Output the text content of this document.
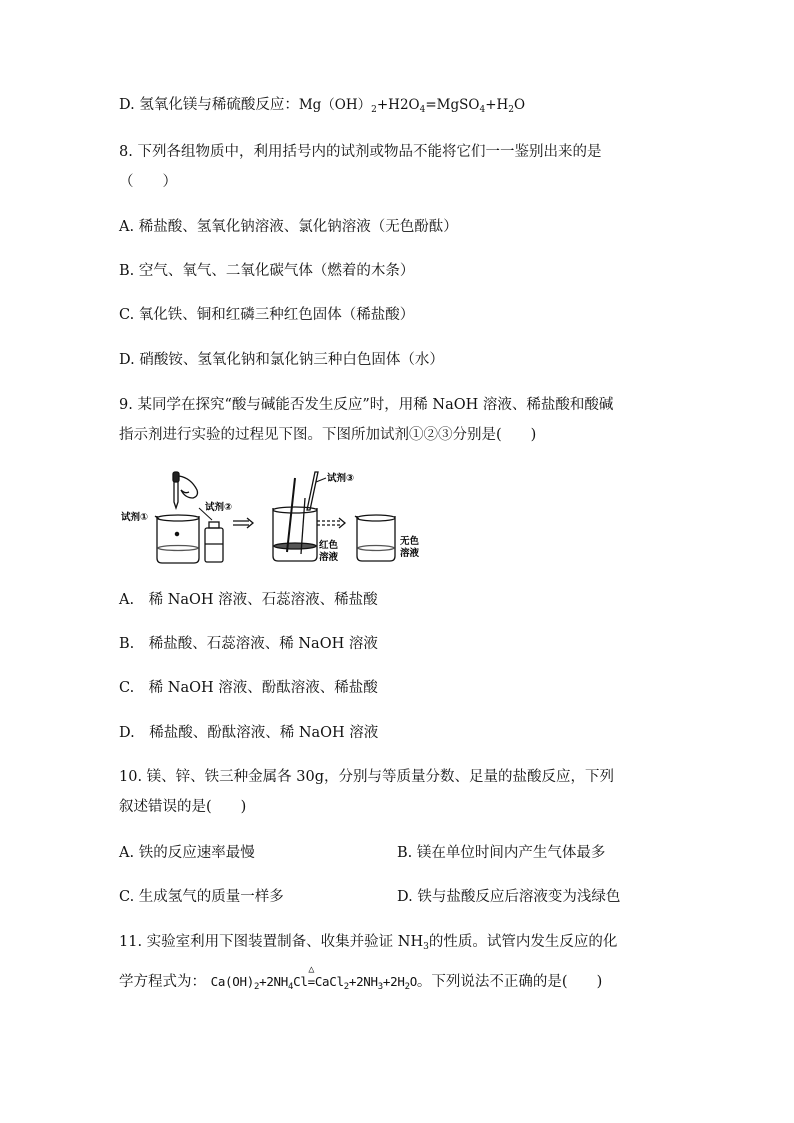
D. 氢氧化镁与稀硫酸反应：$Mg(OH)_2+H2O_4=MgSO_4+H_2O$
8. 下列各组物质中，利用括号内的试剂或物品不能将它们一一鉴别出来的是
（　　）
A. 稀盐酸、氢氧化钠溶液、氯化钠溶液（无色酚酞）
B. 空气、氧气、二氧化碳气体（燃着的木条）
C. 氧化铁、铜和红磷三种红色固体（稀盐酸）
D. 硝酸铵、氢氧化钠和氯化钠三种白色固体（水）
9. 某同学在探究“酸与碱能否发生反应”时，用稀 NaOH 溶液、稀盐酸和酸碱
指示剂进行实验的过程见下图。下图所加试剂①②③分别是(　　)
试剂①
试剂②
试剂③
红色
溶液
无色
溶液
A.　稀 NaOH 溶液、石蕊溶液、稀盐酸
B.　稀盐酸、石蕊溶液、稀 NaOH 溶液
C.　稀 NaOH 溶液、酚酞溶液、稀盐酸
D.　稀盐酸、酚酞溶液、稀 NaOH 溶液
10. 镁、锌、铁三种金属各 30g，分别与等质量分数、足量的盐酸反应，下列
叙述错误的是(　　)
A. 铁的反应速率最慢	B. 镁在单位时间内产生气体最多
C. 生成氢气的质量一样多	D. 铁与盐酸反应后溶液变为浅绿色
11. 实验室利用下图装置制备、收集并验证 $NH_3$的性质。试管内发生反应的化
学方程式为： $Ca(OH)_2+2NH_4Cl$
△
$=CaCl_2+2NH_3+2H_2O$。下列说法不正确的是(　　)
